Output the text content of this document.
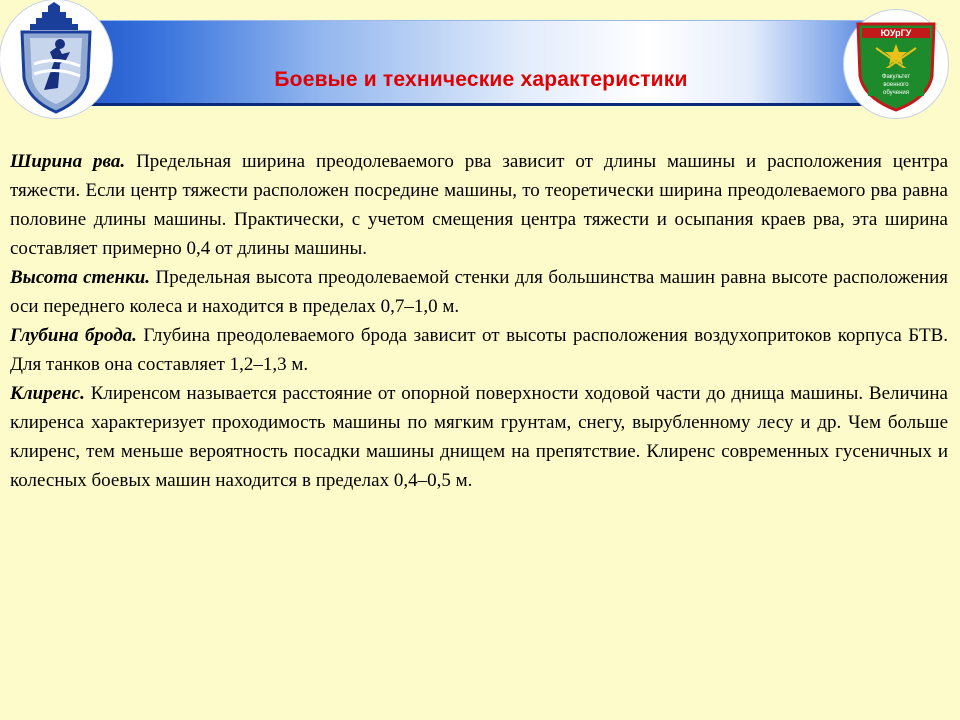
Боевые и технические характеристики
ЮУрГУ
Факультет
военного
обучения

Ширина рва. Предельная ширина преодолеваемого рва зависит от длины машины и расположения центра тяжести. Если центр тяжести расположен посредине машины, то теоретически ширина преодолеваемого рва равна половине длины машины. Практически, с учетом смещения центра тяжести и осыпания краев рва, эта ширина составляет примерно 0,4 от длины машины.

Высота стенки. Предельная высота преодолеваемой стенки для большинства машин равна высоте расположения оси переднего колеса и находится в пределах 0,7–1,0 м.

Глубина брода. Глубина преодолеваемого брода зависит от высоты расположения воздухопритоков корпуса БТВ. Для танков она составляет 1,2–1,3 м.

Клиренс. Клиренсом называется расстояние от опорной поверхности ходовой части до днища машины. Величина клиренса характеризует проходимость машины по мягким грунтам, снегу, вырубленному лесу и др. Чем больше клиренс, тем меньше вероятность посадки машины днищем на препятствие. Клиренс современных гусеничных и колесных боевых машин находится в пределах 0,4–0,5 м.
